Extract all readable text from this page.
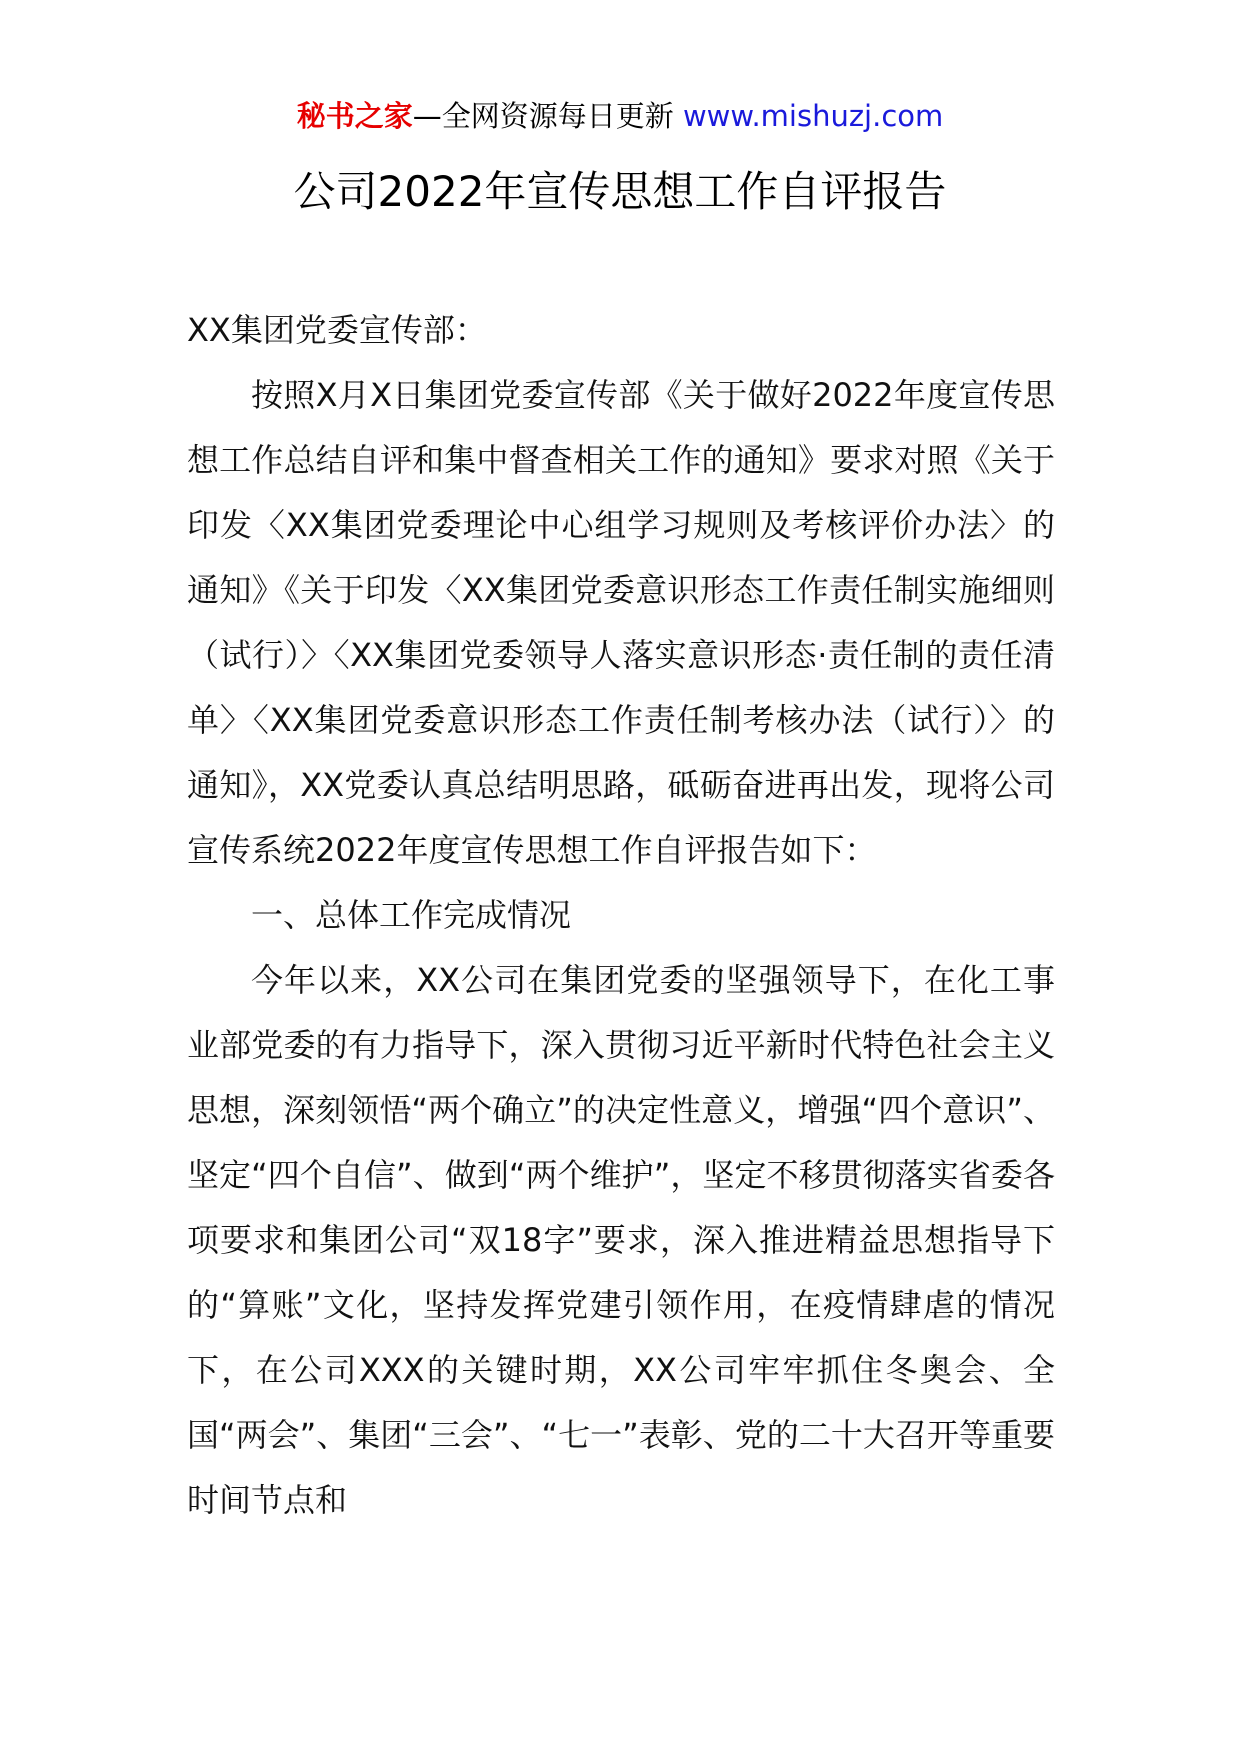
秘书之家—全网资源每日更新 www.mishuzj.com
公司2022年宣传思想工作自评报告

XX集团党委宣传部：

按照X月X日集团党委宣传部《关于做好2022年度宣传思想工作总结自评和集中督查相关工作的通知》要求对照《关于印发〈XX集团党委理论中心组学习规则及考核评价办法〉的通知》《关于印发〈XX集团党委意识形态工作责任制实施细则（试行）〉〈XX集团党委领导人落实意识形态·责任制的责任清单〉〈XX集团党委意识形态工作责任制考核办法（试行）〉的通知》，XX党委认真总结明思路，砥砺奋进再出发，现将公司宣传系统2022年度宣传思想工作自评报告如下：

一、总体工作完成情况

今年以来，XX公司在集团党委的坚强领导下，在化工事业部党委的有力指导下，深入贯彻习近平新时代特色社会主义思想，深刻领悟“两个确立”的决定性意义，增强“四个意识”、坚定“四个自信”、做到“两个维护”，坚定不移贯彻落实省委各项要求和集团公司“双18字”要求，深入推进精益思想指导下的“算账”文化，坚持发挥党建引领作用，在疫情肆虐的情况下，在公司XXX的关键时期，XX公司牢牢抓住冬奥会、全国“两会”、集团“三会”、“七一”表彰、党的二十大召开等重要时间节点和
